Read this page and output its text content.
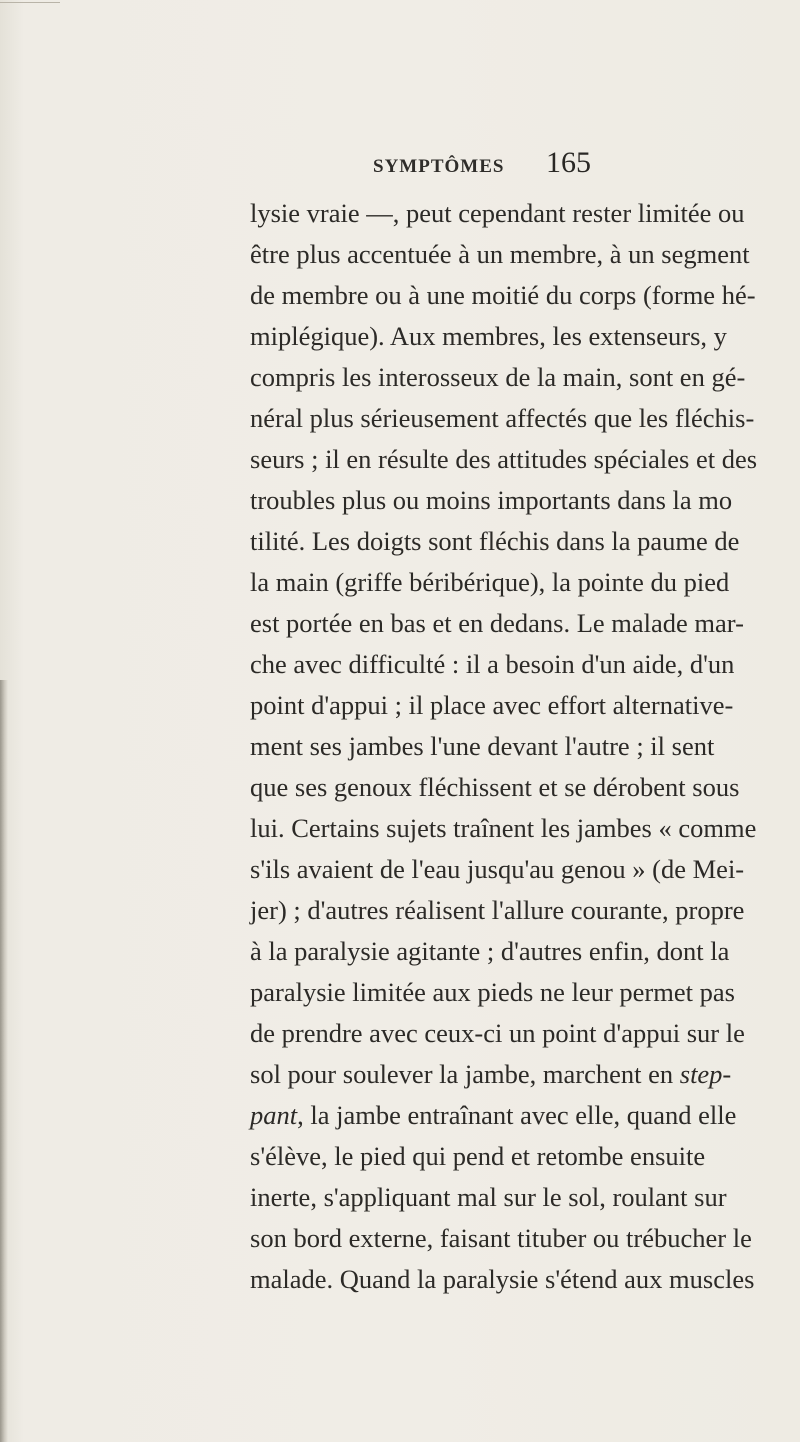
SYMPTÔMES 165
lysie vraie —, peut cependant rester limitée ou
être plus accentuée à un membre, à un segment
de membre ou à une moitié du corps (forme hé-
miplégique). Aux membres, les extenseurs, y
compris les interosseux de la main, sont en gé-
néral plus sérieusement affectés que les fléchis-
seurs ; il en résulte des attitudes spéciales et des
troubles plus ou moins importants dans la mo
tilité. Les doigts sont fléchis dans la paume de
la main (griffe béribérique), la pointe du pied
est portée en bas et en dedans. Le malade mar-
che avec difficulté : il a besoin d'un aide, d'un
point d'appui ; il place avec effort alternative-
ment ses jambes l'une devant l'autre ; il sent
que ses genoux fléchissent et se dérobent sous
lui. Certains sujets traînent les jambes « comme
s'ils avaient de l'eau jusqu'au genou » (de Mei-
jer) ; d'autres réalisent l'allure courante, propre
à la paralysie agitante ; d'autres enfin, dont la
paralysie limitée aux pieds ne leur permet pas
de prendre avec ceux-ci un point d'appui sur le
sol pour soulever la jambe, marchent en step-
pant, la jambe entraînant avec elle, quand elle
s'élève, le pied qui pend et retombe ensuite
inerte, s'appliquant mal sur le sol, roulant sur
son bord externe, faisant tituber ou trébucher le
malade. Quand la paralysie s'étend aux muscles
